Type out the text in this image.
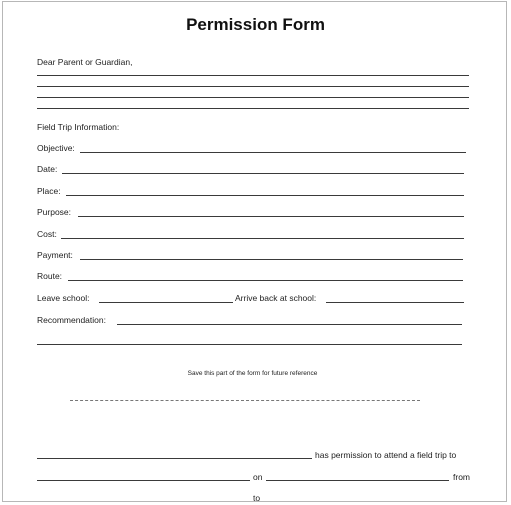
Permission Form
Dear Parent or Guardian,
Field Trip Information:
Objective:
Date:
Place:
Purpose:
Cost:
Payment:
Route:
Leave school:	Arrive back at school:
Recommendation:
Save this part of the form for future reference
has permission to attend a field trip to
on	from
to
